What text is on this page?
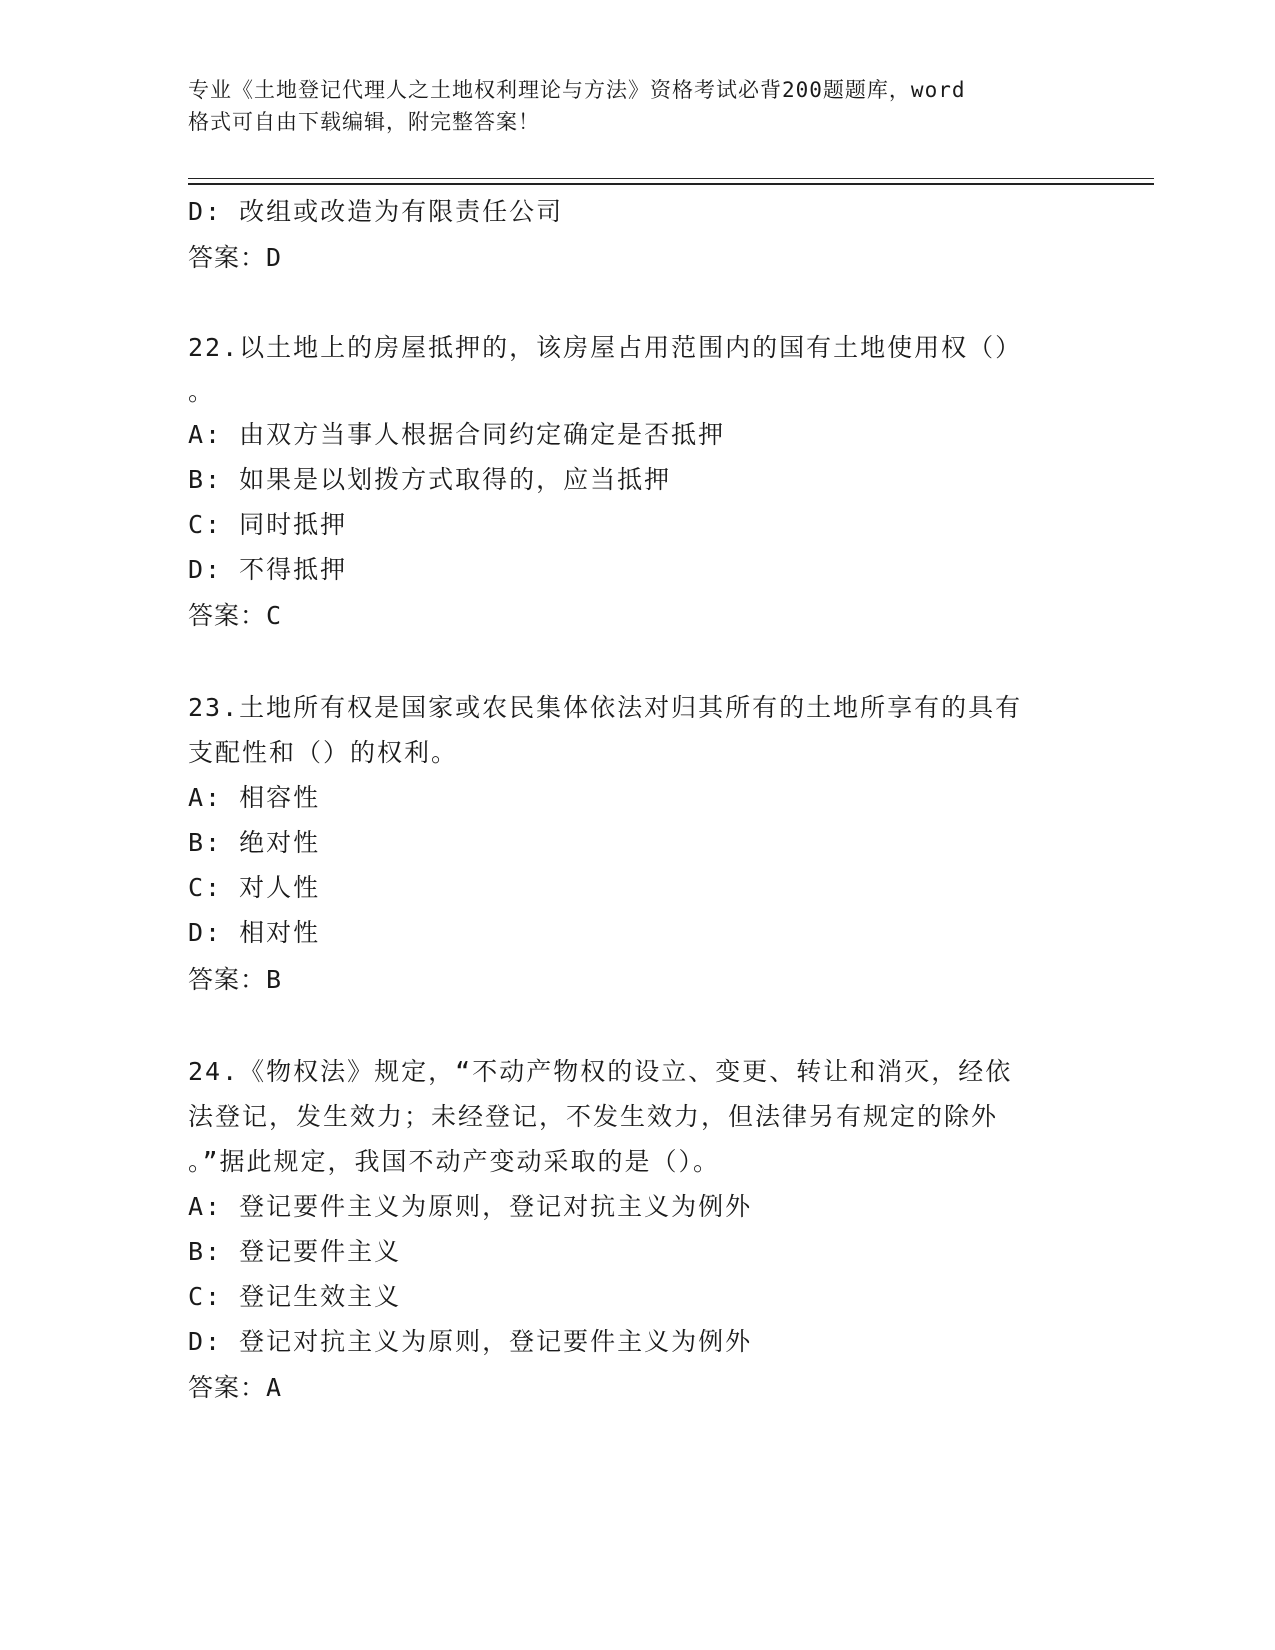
专业《土地登记代理人之土地权利理论与方法》资格考试必背200题题库，word
格式可自由下载编辑，附完整答案！
D: 改组或改造为有限责任公司
答案：D
22.以土地上的房屋抵押的，该房屋占用范围内的国有土地使用权（）
。
A: 由双方当事人根据合同约定确定是否抵押
B: 如果是以划拨方式取得的，应当抵押
C: 同时抵押
D: 不得抵押
答案：C
23.土地所有权是国家或农民集体依法对归其所有的土地所享有的具有
支配性和（）的权利。
A: 相容性
B: 绝对性
C: 对人性
D: 相对性
答案：B
24.《物权法》规定，“不动产物权的设立、变更、转让和消灭，经依
法登记，发生效力；未经登记，不发生效力，但法律另有规定的除外
。”据此规定，我国不动产变动采取的是（）。
A: 登记要件主义为原则，登记对抗主义为例外
B: 登记要件主义
C: 登记生效主义
D: 登记对抗主义为原则，登记要件主义为例外
答案：A
